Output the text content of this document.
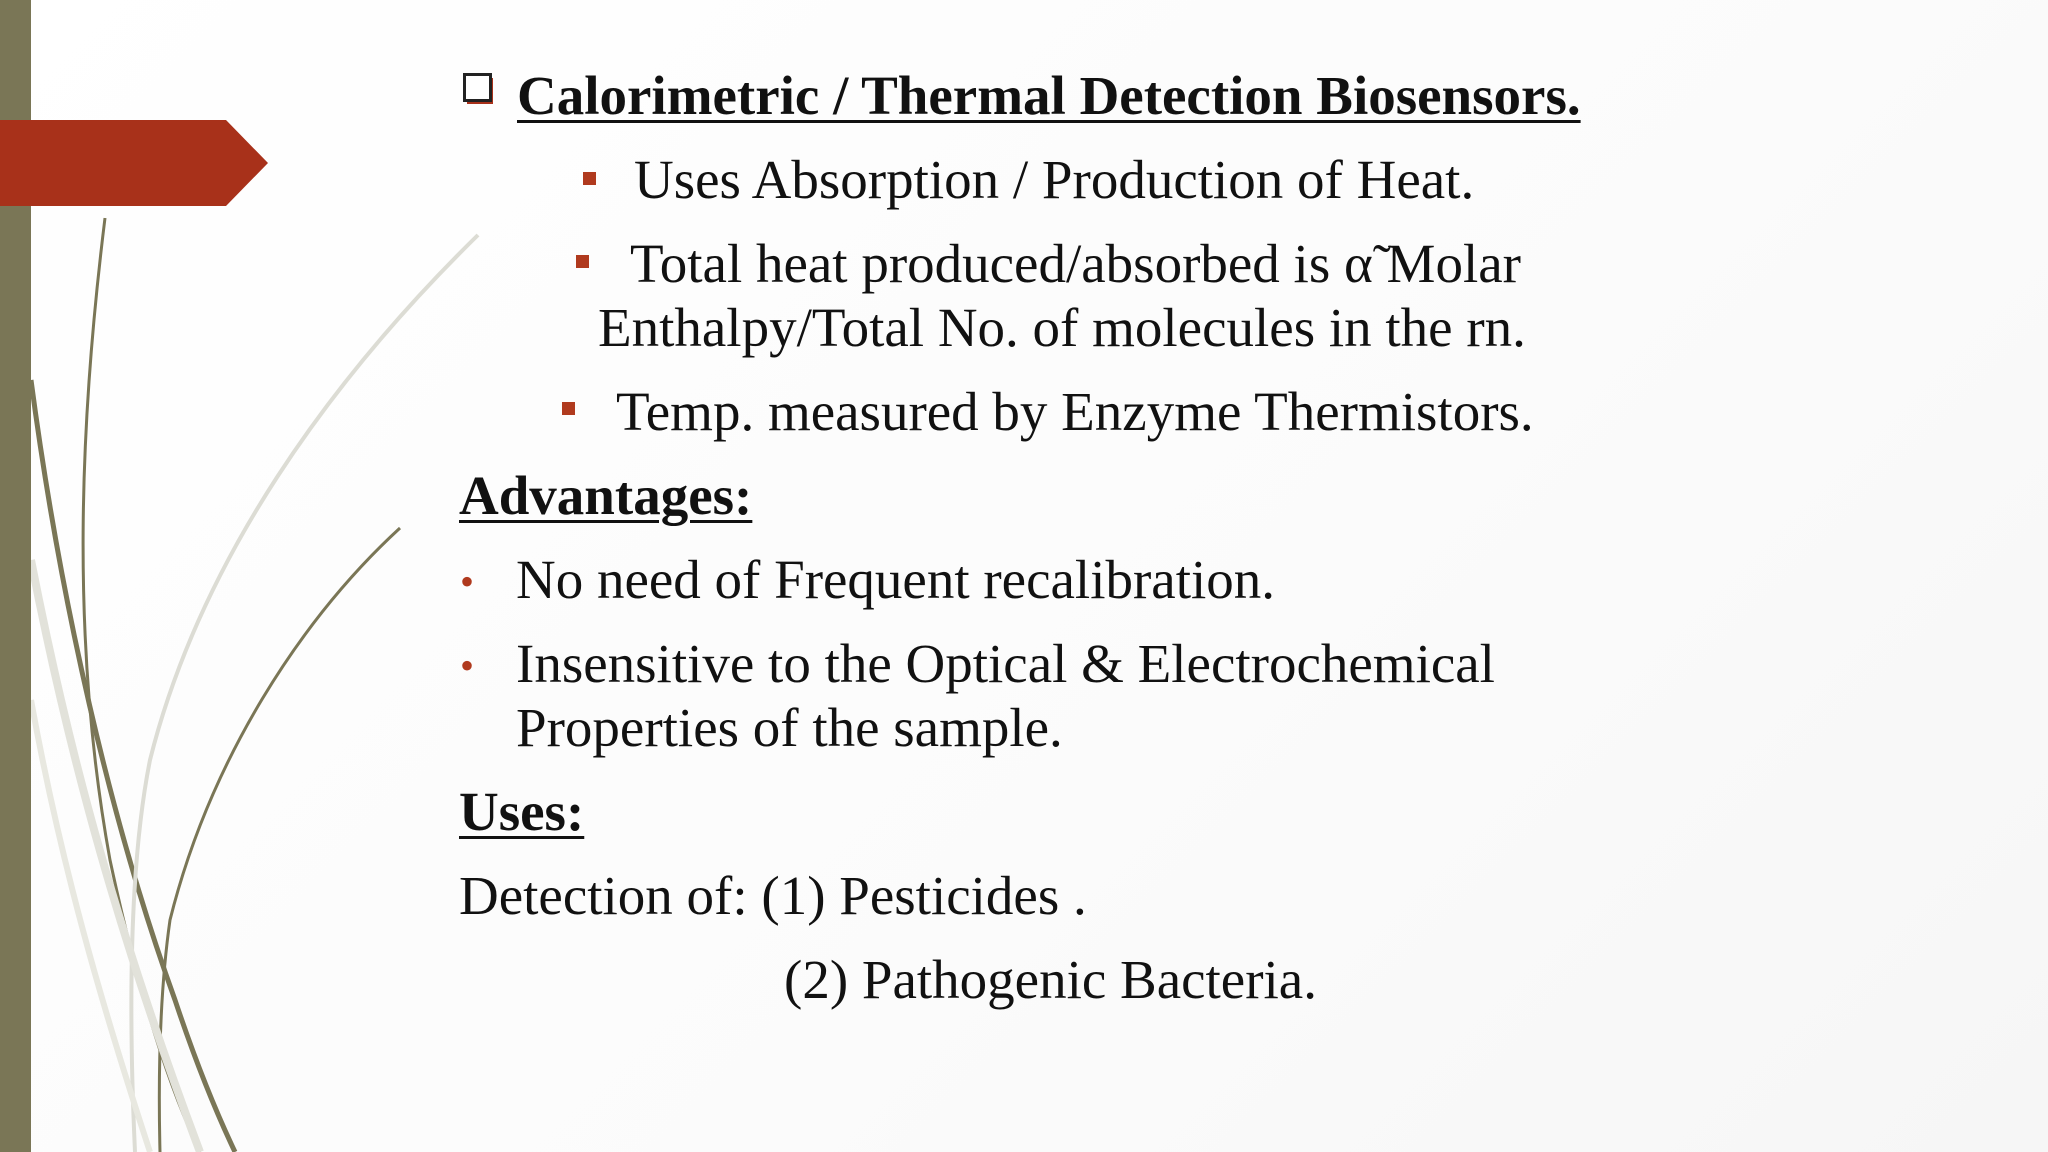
Calorimetric / Thermal Detection Biosensors.
Uses Absorption / Production of Heat.
Total heat produced/absorbed is α̃ Molar
Enthalpy/Total No. of molecules in the rn.
Temp. measured by Enzyme Thermistors.
Advantages:
• No need of Frequent recalibration.
• Insensitive to the Optical & Electrochemical
Properties of the sample.
Uses:
Detection of: (1) Pesticides .
(2) Pathogenic Bacteria.
